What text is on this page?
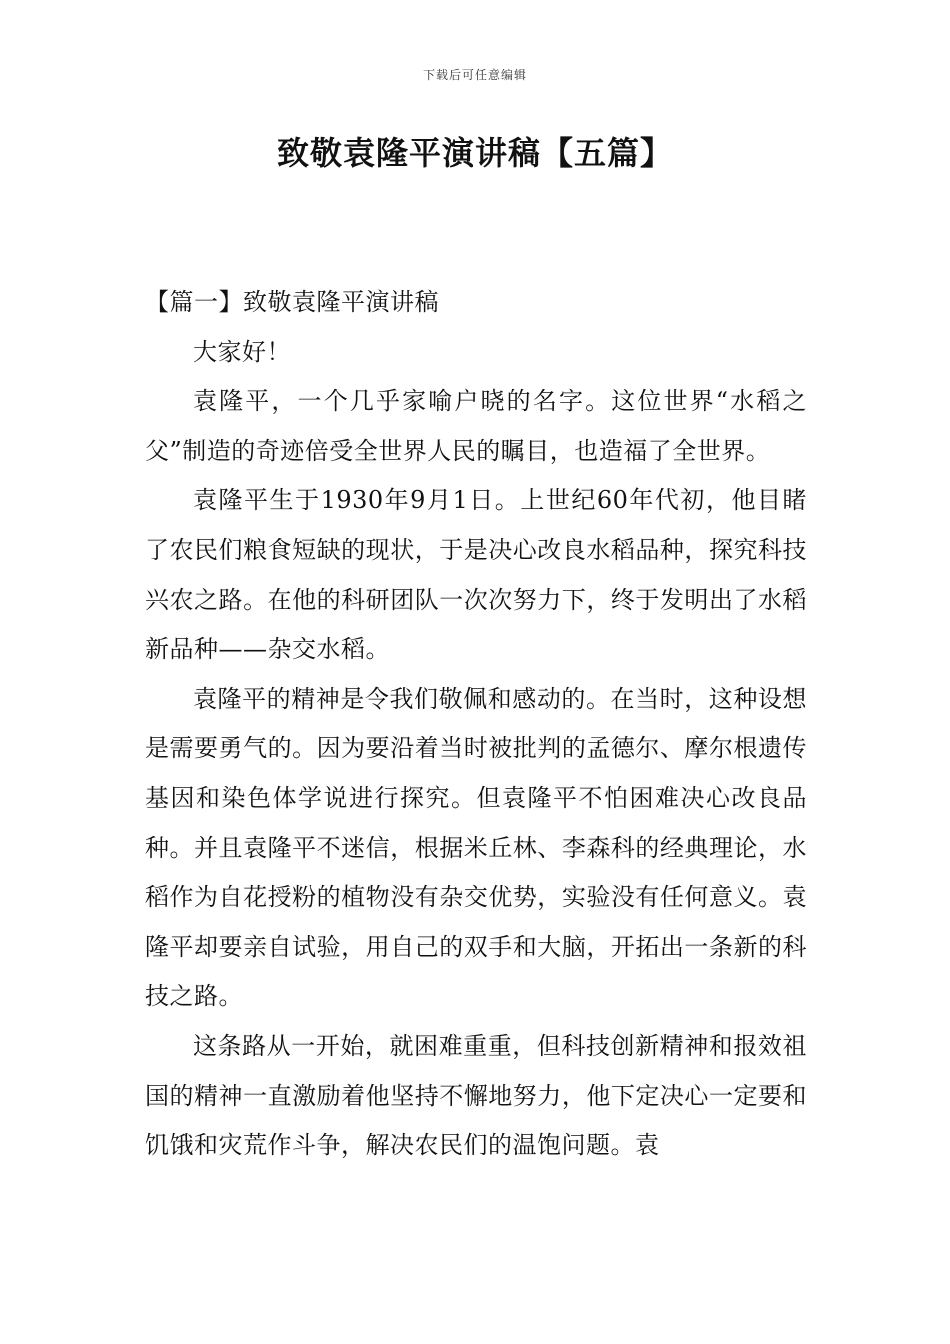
下载后可任意编辑
致敬袁隆平演讲稿【五篇】
【篇一】致敬袁隆平演讲稿

大家好！

袁隆平，一个几乎家喻户晓的名字。这位世界“水稻之父”制造的奇迹倍受全世界人民的瞩目，也造福了全世界。

袁隆平生于1930年9月1日。上世纪60年代初，他目睹了农民们粮食短缺的现状，于是决心改良水稻品种，探究科技兴农之路。在他的科研团队一次次努力下，终于发明出了水稻新品种——杂交水稻。

袁隆平的精神是令我们敬佩和感动的。在当时，这种设想是需要勇气的。因为要沿着当时被批判的孟德尔、摩尔根遗传基因和染色体学说进行探究。但袁隆平不怕困难决心改良品种。并且袁隆平不迷信，根据米丘林、李森科的经典理论，水稻作为自花授粉的植物没有杂交优势，实验没有任何意义。袁隆平却要亲自试验，用自己的双手和大脑，开拓出一条新的科技之路。

这条路从一开始，就困难重重，但科技创新精神和报效祖国的精神一直激励着他坚持不懈地努力，他下定决心一定要和饥饿和灾荒作斗争，解决农民们的温饱问题。袁
